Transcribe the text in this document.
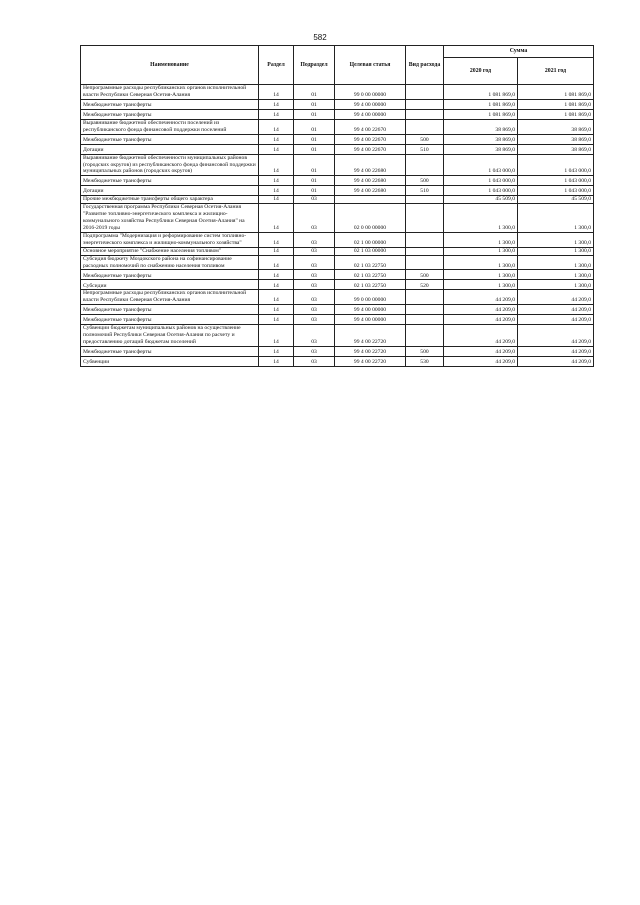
582
Наименование	Раздел	Подраздел	Целевая статья	Вид расхода	Сумма	
					2020 год	2021 год
Непрограммные расходы республиканских органов исполнительной власти Республики Северная Осетия-Алания	14	01	99 0 00 00000		1 081 869,0	1 081 869,0
Межбюджетные трансферты	14	01	99 4 00 00000		1 081 869,0	1 081 869,0
Межбюджетные трансферты	14	01	99 4 00 00000		1 081 869,0	1 081 869,0
Выравнивание бюджетной обеспеченности поселений из республиканского фонда финансовой поддержки поселений	14	01	99 4 00 22670		38 869,0	38 869,0
Межбюджетные трансферты	14	01	99 4 00 22670	500	38 869,0	38 869,0
Дотации	14	01	99 4 00 22670	510	38 869,0	38 869,0
Выравнивание бюджетной обеспеченности муниципальных районов (городских округов) из республиканского фонда финансовой поддержки муниципальных районов (городских округов)	14	01	99 4 00 22680		1 043 000,0	1 043 000,0
Межбюджетные трансферты	14	01	99 4 00 22680	500	1 043 000,0	1 043 000,0
Дотации	14	01	99 4 00 22680	510	1 043 000,0	1 043 000,0
Прочие межбюджетные трансферты общего характера	14	03			45 509,0	45 509,0
Государственная программа Республики Северная Осетия-Алания "Развитие топливно-энергетического комплекса и жилищно-коммунального хозяйства Республики Северная Осетия-Алания" на 2016-2019 годы	14	03	02 0 00 00000		1 300,0	1 300,0
Подпрограмма "Модернизация и реформирование систем топливно-энергетического комплекса и жилищно-коммунального хозяйства"	14	03	02 1 00 00000		1 300,0	1 300,0
Основное мероприятие "Снабжение населения топливом"	14	03	02 1 03 00000		1 300,0	1 300,0
Субсидия бюджету Моздокского района на софинансирование расходных полномочий по снабжению населения топливом	14	03	02 1 03 22750		1 300,0	1 300,0
Межбюджетные трансферты	14	03	02 1 03 22750	500	1 300,0	1 300,0
Субсидии	14	03	02 1 03 22750	520	1 300,0	1 300,0
Непрограммные расходы республиканских органов исполнительной власти Республики Северная Осетия-Алания	14	03	99 0 00 00000		44 209,0	44 209,0
Межбюджетные трансферты	14	03	99 4 00 00000		44 209,0	44 209,0
Межбюджетные трансферты	14	03	99 4 00 00000		44 209,0	44 209,0
Субвенции бюджетам муниципальных районов на осуществление полномочий Республики Северная Осетия-Алания по расчету и предоставлению дотаций бюджетам поселений	14	03	99 4 00 22720		44 209,0	44 209,0
Межбюджетные трансферты	14	03	99 4 00 22720	500	44 209,0	44 209,0
Субвенции	14	03	99 4 00 22720	530	44 209,0	44 209,0
